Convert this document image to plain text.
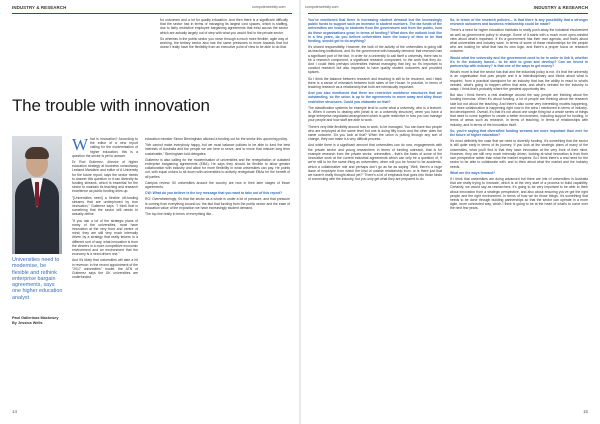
INDUSTRY & RESEARCH	computerweekly.com	computerweekly.com	INDUSTRY & RESEARCH
The trouble with innovation
Universities need to modernise, be flexible and rethink enterprise bargain agreements, says one higher education analyst
Paul Gallerinas Mackesey By Jessica Wells

What is innovation? According to the editor of a new report calling for the modernisation of higher education, this is a question the sector is yet to answer.

Dr Rod Gutierrez, director of higher education strategy at business consultancy Leeland Mandarin and editor of A University for the future report, says the sector needs to answer this question or it can diversify its funding streams, which is essential for the sector to maintain its teaching and research excellence as public funding dries up.

"[Universities need] a flexible off-funding streams that are underpinned by true innovation," Gutierrez says. "I think that is something that the sector still needs to actually define.

"If you ask a lot of the strategic plans of many of the universities, most have innovation at the very front and centre of mind; they are still very much internally driven by a strategy that really tinkers in a different sort of way, what innovation is from the viewers in a more competitive economic environment and an environment that the economy is a need-driven one."

And it's likely that universities will take a hit in revenue: in the recent appointment of the "2017 universities" model, the ATN of Gutierrez says the UK universities are underfunded.

education minister Simon Birmingham allowed a funding cut for the sector this upcoming policy.

"We cannot make everybody happy, but we must balance policies to be able to fund the best interests of Australia and the people we are here to serve, and to move that mission long term sustainable," Birmingham told delegates.

Gutierrez is also calling for the modernisation of universities and the renegotiation of outdated enterprise bargaining agreements (EBA). He says they should be flexible to allow greater collaboration with industry and allow for more flexibility in what universities can pay. He points out, with equal unions to sit down with universities to actively renegotiate EBAs for the benefit of all parties.

Campus review: 50 universities around the country are now in their later stages of those agreements.

CW: What do you believe is the key message that you want to take out of this report?

RG: Overwhelmingly, it's that the sector as a whole is under a lot of pressure, and that pressure is coming from everything around us: the fact that funding from the public sector and the ease of education value of the exposition we have increasingly student demand.

The top line really in terms of everything like...

for outcomes and a lot for quality education. And then there is a significant difficulty that the sector has in terms of managing its largest cost spaces, which is staffing, due to fairly restrictive employee bargaining agreements that exist across the sector which are actually largely out of step with what you would find in the private sector.

So whereas in the public sector you move through a much more flexible, agile way of working, the tertiary sector also has the same pressures to move towards that but doesn't really have the flexibility from an executive point of view to be able to do that.

You've mentioned that there is increasing student demand but the increasingly public funds to support such an increase in student numbers. The tax funds of the universities are losing to students from the government and from the public, how do these organisations grow, in terms of funding? What does the outlook look like in a few years, do you believe universities have the luxury of time to be that funding, should get to do anything?

It's shared responsibility. However, the bulk of the activity of the universities is going still as teaching institutions, and it's the government with basically demand: that research has a significant part of the fact, in order for a university to call itself a university, there has to be a research component, a significant research component, to the work that they do. And I could think perhaps universities instead managing that key, so it's important to conduct research but also important to have quality student outcomes and provided spaces.

So I think the balance between research and teaching is still to be resolved, and I think there is a sense of mismatch between both sides of the House. In practice, in terms of teaching research as a relationship that both are intrinsically important.

And you also mentioned that there are restrictive workforce structures that are outstanding, so the union is up to the agreements to move away and alloy those restrictive structures. Could you elaborate on that?

The classification systems for example tend to come what a university, who is a lecturer, is. When it comes to dealing with [what is on a university structure], when you have a large enterprise negotiated arrangement which is quite restrictive in how you can manage your people and how staff are able to work.

There's very little flexibility around how to work, to be managed. You can have two people who are employed at the same level but one is doing fifty hours and the other does the same outcome. Do you look at that? When the union is putting through any sort of change, they can make it a very difficult process.

And while there is a significant amount that universities can do now, engagements with the private sector and young researchers in terms of funding outreach, that is for example research from the private sector, universities - that's the basis of some of the innovative work at the current industrial agreements which can only be a question of, if we're still to be the same thing as universities, when will you be forced to be academic, which a collaborative role and perhaps don't go as far as saying "Well, there's a huge issue of employee from which the kind of outside relationship from, or is there just that we haven't really thought about yet?" There's a lot of emphasis that goes into those kinds of connecting with the industry, but you only get what they are prepared to do.

So, in terms of the research policies... is that there is any possibility that a stronger research outcomes and business relationship could be made?

There's a need for higher education institutes to really push away the industrial involvement as well as government policy to change. Some of it starts with a much more open-minded view about what's important. If it's a government has their own agenda, and that's about what universities and industry want. In terms of some of these relationships for the people who are looking for what that has its own logic, and there's a proper focus on research outcome.

Would what the university and the government need to be in order to link it, whether it's in the industry based... to be able to grow and develop? Can we invest in partnership with industry? Is that one of the ways to get money?

What's more is that the sector has that and the industrial policy is not. It's that the university is an organisation that puts people and it is interdisciplinary and thinks about what is required, from a practical standpoint for an industry that has the ability to react to what's needed, what's going to happen within that area, and what's needed for the industry to adapt. I think that's probably where the greatest opportunity lies.

But also I think there's a real challenge around the way people are thinking about the funding formulas. When it's about funding, a lot of people are thinking about the research side but not about the teaching. And there's also some very interesting models happening, and more collaboration is happening right now in the area I mentioned in terms of industry-led development. Overall, it's that it's not about one single thing but a whole series of things that need to come together to create a better environment, including support for funding, in terms of areas such as research, in terms of teaching, in terms of relationships with industry, and in terms of the innovation itself.

So, you're saying that diversified funding streams are more important than ever for the future of higher education?

It's most definitely the case that we need to diversify funding. It's something that the sector is still quite early in terms of its journey. If you look at the strategic plans of many of the universities, what you'll find is that they have innovation at the very front of their mind. However, they are still very much internally driven, looking at what innovation is from their own perspective rather than what the market requires. So I think there's a real need for the sector to be able to collaborate with, and to think about what the market and the industry needs.

What are the ways forward?

If I think that universities are doing advanced but there are lots of universities in Australia that are really trying to innovate, which is at the very start of a process to build capability. Certainly, we would say as researchers, it's going to be very important to be able to think about innovation from a strategic perspective, and also about ensuring you've got the right people and the right environment. In terms of how we do those things, it's something that needs to be done through building partnerships so that the sector can operate in a more agile, more connected way, which I think is going to be at the heart of what's to come over the next few years.

14	15
